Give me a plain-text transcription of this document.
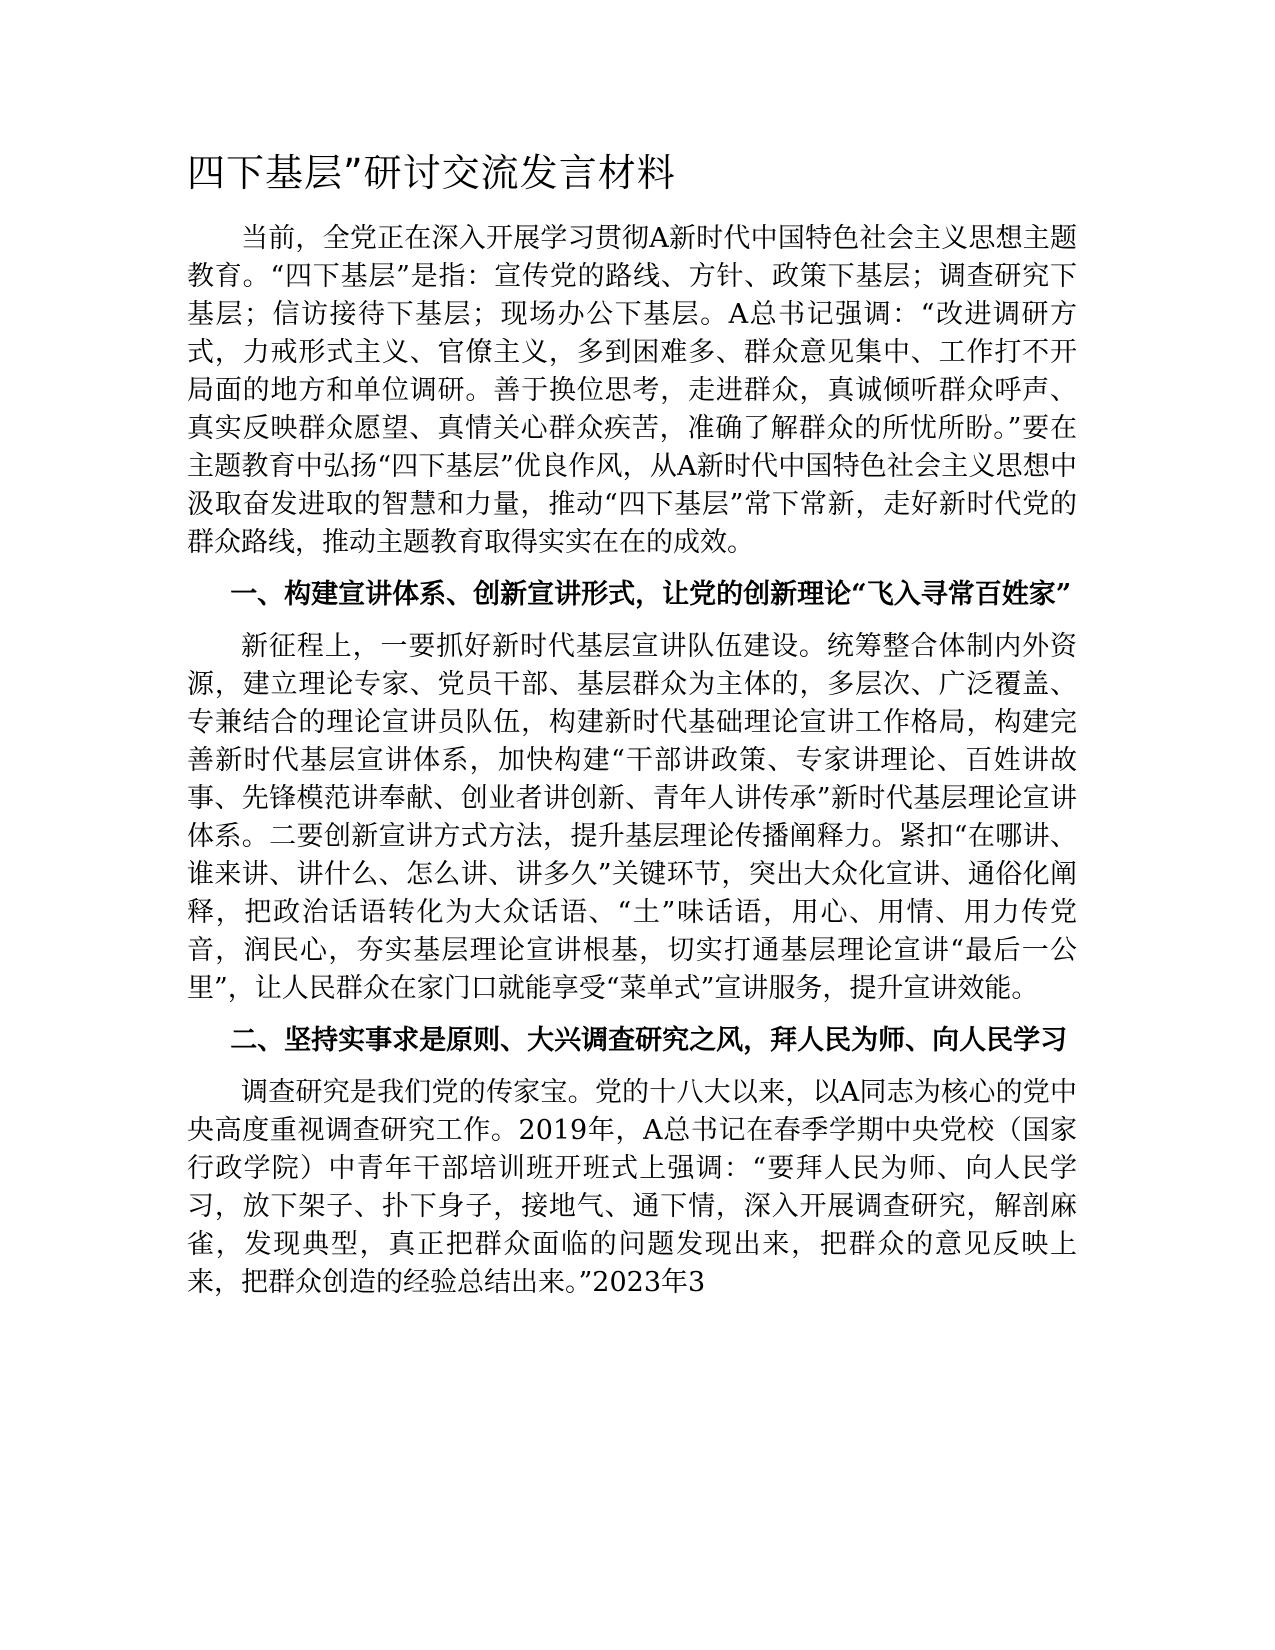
四下基层”研讨交流发言材料

当前，全党正在深入开展学习贯彻A新时代中国特色社会主义思想主题教育。“四下基层”是指：宣传党的路线、方针、政策下基层；调查研究下基层；信访接待下基层；现场办公下基层。A总书记强调：“改进调研方式，力戒形式主义、官僚主义，多到困难多、群众意见集中、工作打不开局面的地方和单位调研。善于换位思考，走进群众，真诚倾听群众呼声、真实反映群众愿望、真情关心群众疾苦，准确了解群众的所忧所盼。”要在主题教育中弘扬“四下基层”优良作风，从A新时代中国特色社会主义思想中汲取奋发进取的智慧和力量，推动“四下基层”常下常新，走好新时代党的群众路线，推动主题教育取得实实在在的成效。

一、构建宣讲体系、创新宣讲形式，让党的创新理论“飞入寻常百姓家”

新征程上，一要抓好新时代基层宣讲队伍建设。统筹整合体制内外资源，建立理论专家、党员干部、基层群众为主体的，多层次、广泛覆盖、专兼结合的理论宣讲员队伍，构建新时代基础理论宣讲工作格局，构建完善新时代基层宣讲体系，加快构建“干部讲政策、专家讲理论、百姓讲故事、先锋模范讲奉献、创业者讲创新、青年人讲传承”新时代基层理论宣讲体系。二要创新宣讲方式方法，提升基层理论传播阐释力。紧扣“在哪讲、谁来讲、讲什么、怎么讲、讲多久”关键环节，突出大众化宣讲、通俗化阐释，把政治话语转化为大众话语、“土”味话语，用心、用情、用力传党音，润民心，夯实基层理论宣讲根基，切实打通基层理论宣讲“最后一公里”，让人民群众在家门口就能享受“菜单式”宣讲服务，提升宣讲效能。

二、坚持实事求是原则、大兴调查研究之风，拜人民为师、向人民学习

调查研究是我们党的传家宝。党的十八大以来，以A同志为核心的党中央高度重视调查研究工作。2019年，A总书记在春季学期中央党校（国家行政学院）中青年干部培训班开班式上强调：“要拜人民为师、向人民学习，放下架子、扑下身子，接地气、通下情，深入开展调查研究，解剖麻雀，发现典型，真正把群众面临的问题发现出来，把群众的意见反映上来，把群众创造的经验总结出来。”2023年3
